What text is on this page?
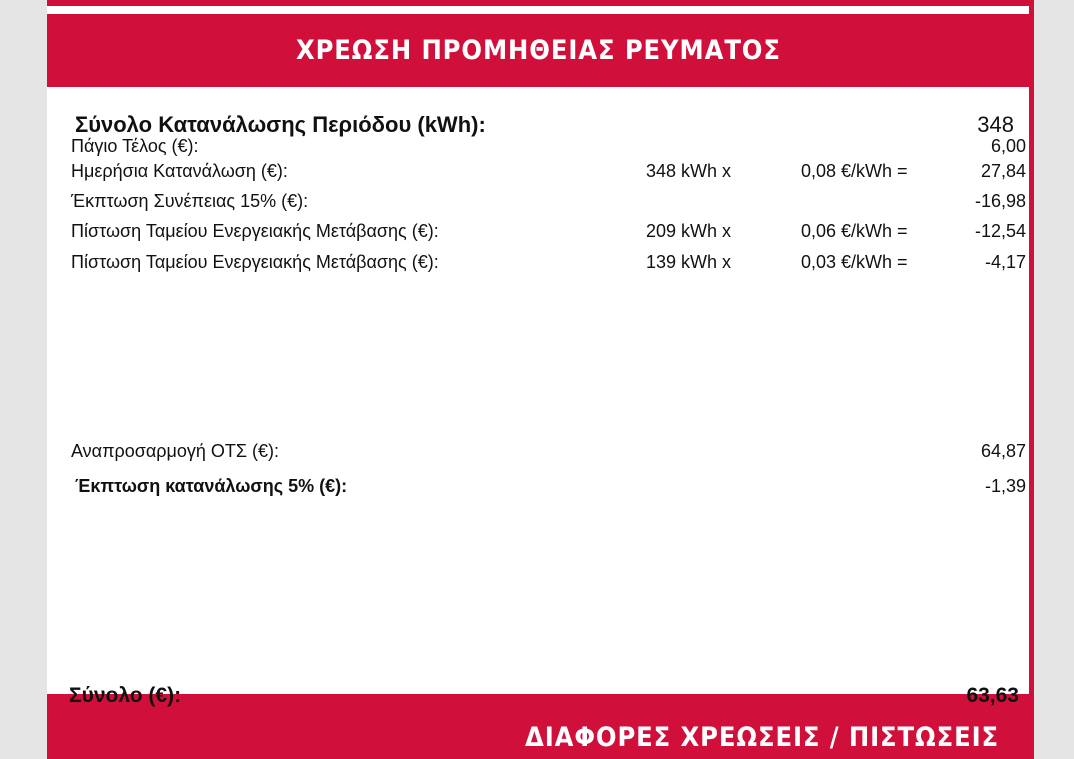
ΧΡΕΩΣΗ ΠΡΟΜΗΘΕΙΑΣ ΡΕΥΜΑΤΟΣ
Σύνολο Κατανάλωσης Περιόδου (kWh):	348
Πάγιο Τέλος (€):	6,00
Ημερήσια Κατανάλωση (€):	348 kWh x	0,08 €/kWh =	27,84
Έκπτωση Συνέπειας 15% (€):	-16,98
Πίστωση Ταμείου Ενεργειακής Μετάβασης (€):	209 kWh x	0,06 €/kWh =	-12,54
Πίστωση Ταμείου Ενεργειακής Μετάβασης (€):	139 kWh x	0,03 €/kWh =	-4,17
Αναπροσαρμογή ΟΤΣ (€):	64,87
Έκπτωση κατανάλωσης 5% (€):	-1,39
ΔΙΑΦΟΡΕΣ ΧΡΕΩΣΕΙΣ / ΠΙΣΤΩΣΕΙΣ
Σύνολο (€):	63,63
